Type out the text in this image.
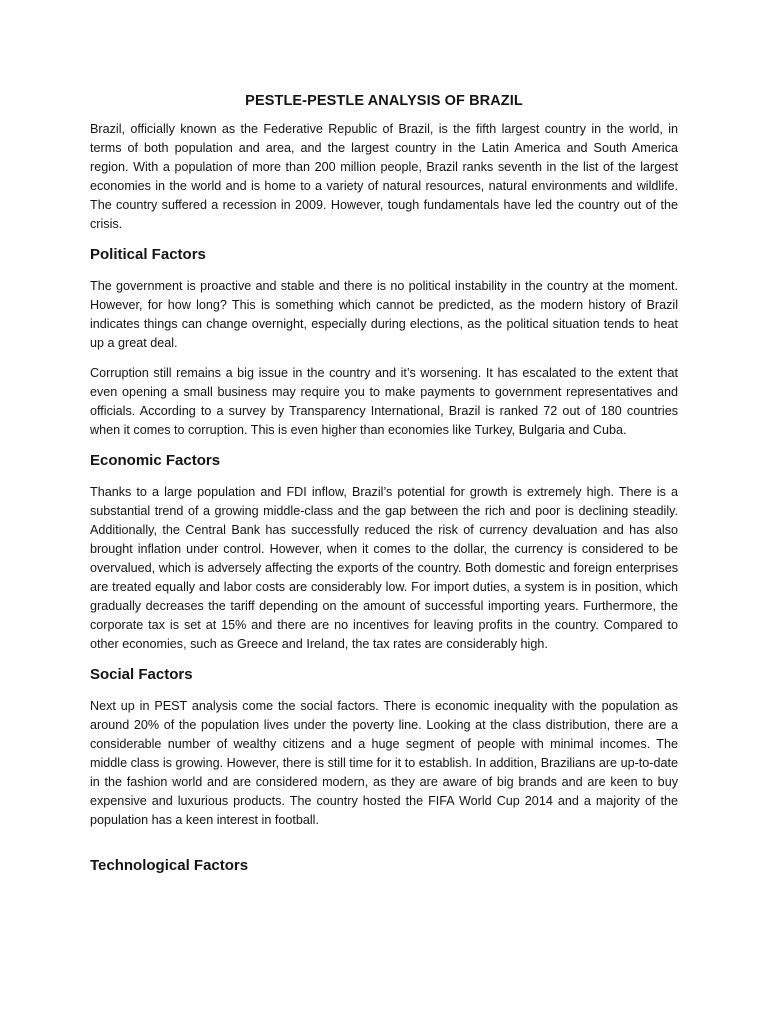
PESTLE-PESTLE ANALYSIS OF BRAZIL

Brazil, officially known as the Federative Republic of Brazil, is the fifth largest country in the world, in terms of both population and area, and the largest country in the Latin America and South America region. With a population of more than 200 million people, Brazil ranks seventh in the list of the largest economies in the world and is home to a variety of natural resources, natural environments and wildlife. The country suffered a recession in 2009. However, tough fundamentals have led the country out of the crisis.

Political Factors

The government is proactive and stable and there is no political instability in the country at the moment. However, for how long? This is something which cannot be predicted, as the modern history of Brazil indicates things can change overnight, especially during elections, as the political situation tends to heat up a great deal.

Corruption still remains a big issue in the country and it’s worsening. It has escalated to the extent that even opening a small business may require you to make payments to government representatives and officials. According to a survey by Transparency International, Brazil is ranked 72 out of 180 countries when it comes to corruption. This is even higher than economies like Turkey, Bulgaria and Cuba.

Economic Factors

Thanks to a large population and FDI inflow, Brazil’s potential for growth is extremely high. There is a substantial trend of a growing middle-class and the gap between the rich and poor is declining steadily. Additionally, the Central Bank has successfully reduced the risk of currency devaluation and has also brought inflation under control. However, when it comes to the dollar, the currency is considered to be overvalued, which is adversely affecting the exports of the country. Both domestic and foreign enterprises are treated equally and labor costs are considerably low. For import duties, a system is in position, which gradually decreases the tariff depending on the amount of successful importing years. Furthermore, the corporate tax is set at 15% and there are no incentives for leaving profits in the country. Compared to other economies, such as Greece and Ireland, the tax rates are considerably high.

Social Factors

Next up in PEST analysis come the social factors. There is economic inequality with the population as around 20% of the population lives under the poverty line. Looking at the class distribution, there are a considerable number of wealthy citizens and a huge segment of people with minimal incomes. The middle class is growing. However, there is still time for it to establish. In addition, Brazilians are up-to-date in the fashion world and are considered modern, as they are aware of big brands and are keen to buy expensive and luxurious products. The country hosted the FIFA World Cup 2014 and a majority of the population has a keen interest in football.

Technological Factors
